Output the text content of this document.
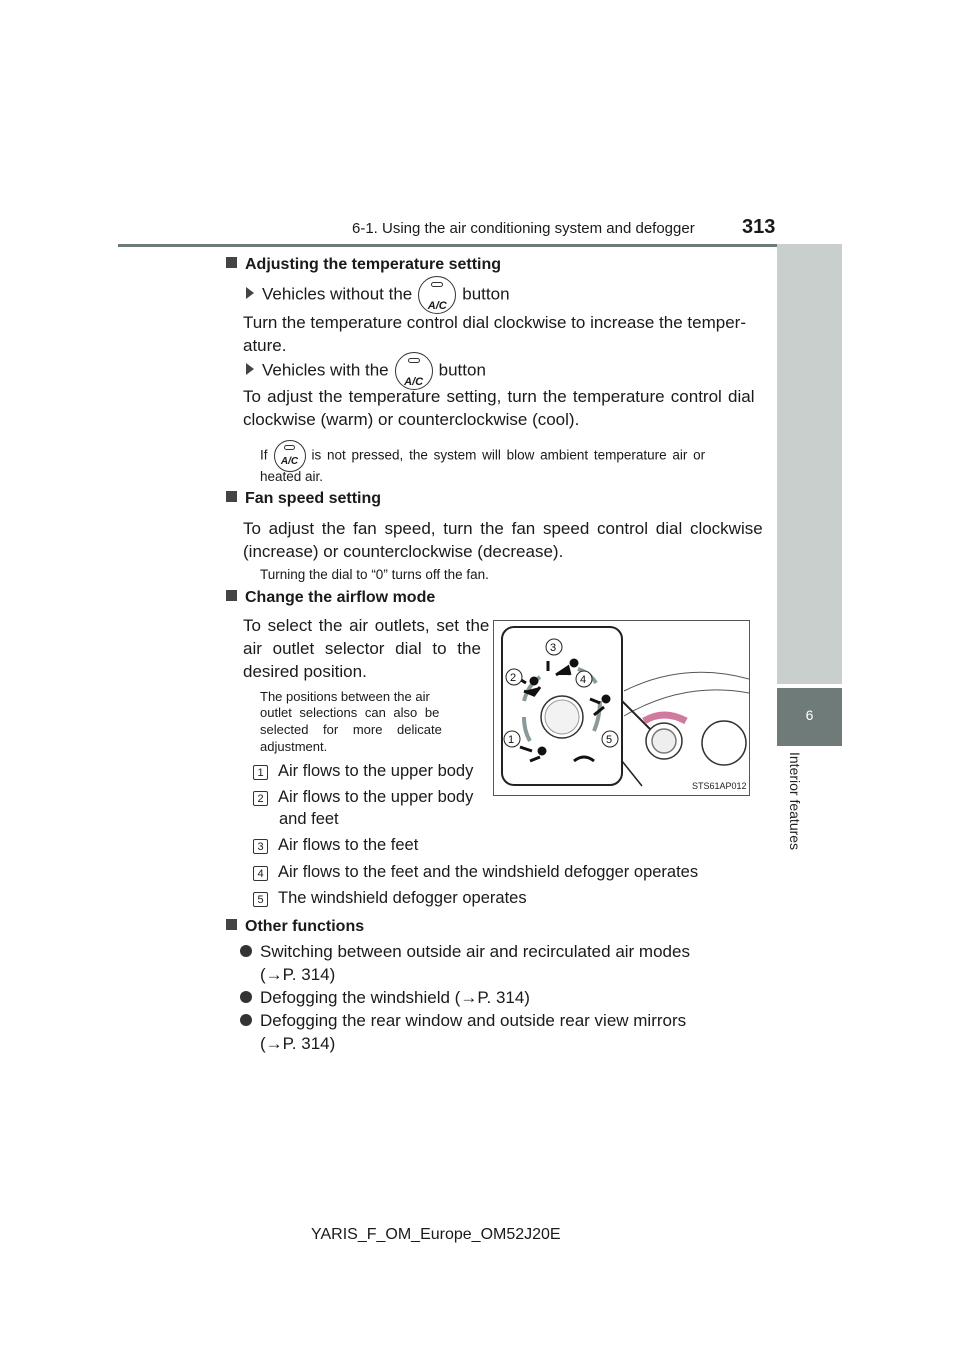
6-1. Using the air conditioning system and defogger 313
6
Interior features
Adjusting the temperature setting
Vehicles without the
A/C
button
Turn the temperature control dial clockwise to increase the temper-
ature.
Vehicles with the
A/C
button
To adjust the temperature setting, turn the temperature control dial
clockwise (warm) or counterclockwise (cool).
If	A/C is not pressed, the system will blow ambient temperature air or
heated air.
Fan speed setting
To adjust the fan speed, turn the fan speed control dial clockwise
(increase) or counterclockwise (decrease).
Turning the dial to “0” turns off the fan.
Change the airflow mode
To select the air outlets, set the
air outlet selector dial to the
desired position.
The positions between the air
outlet selections can also be
selected for more delicate
adjustment.
1 Air flows to the upper body
2 Air flows to the upper body
and feet
3 Air flows to the feet
4 Air flows to the feet and the windshield defogger operates
5 The windshield defogger operates
3
2	4
1	5
STS61AP012
Other functions
Switching between outside air and recirculated air modes
(→P. 314)
Defogging the windshield (→P. 314)
Defogging the rear window and outside rear view mirrors
(→P. 314)
YARIS_F_OM_Europe_OM52J20E
